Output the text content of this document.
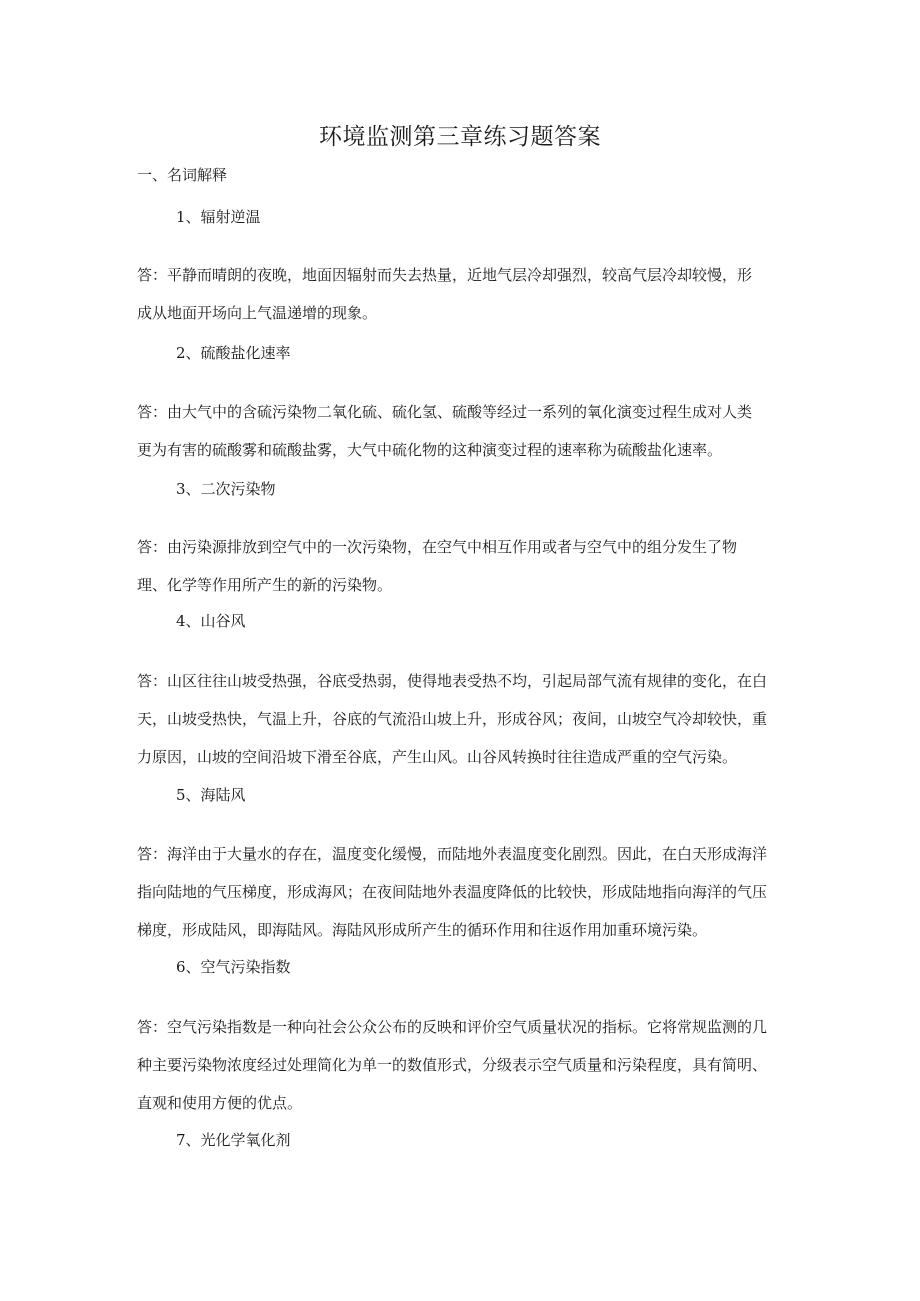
环境监测第三章练习题答案
一、名词解释

1、辐射逆温

答：平静而晴朗的夜晚，地面因辐射而失去热量，近地气层冷却强烈，较高气层冷却较慢，形
成从地面开场向上气温递增的现象。

2、硫酸盐化速率

答：由大气中的含硫污染物二氧化硫、硫化氢、硫酸等经过一系列的氧化演变过程生成对人类
更为有害的硫酸雾和硫酸盐雾，大气中硫化物的这种演变过程的速率称为硫酸盐化速率。

3、二次污染物

答：由污染源排放到空气中的一次污染物，在空气中相互作用或者与空气中的组分发生了物
理、化学等作用所产生的新的污染物。

4、山谷风

答：山区往往山坡受热强，谷底受热弱，使得地表受热不均，引起局部气流有规律的变化，在白
天，山坡受热快，气温上升，谷底的气流沿山坡上升，形成谷风；夜间，山坡空气冷却较快，重
力原因，山坡的空间沿坡下滑至谷底，产生山风。山谷风转换时往往造成严重的空气污染。

5、海陆风

答：海洋由于大量水的存在，温度变化缓慢，而陆地外表温度变化剧烈。因此，在白天形成海洋
指向陆地的气压梯度，形成海风；在夜间陆地外表温度降低的比较快，形成陆地指向海洋的气压
梯度，形成陆风，即海陆风。海陆风形成所产生的循环作用和往返作用加重环境污染。

6、空气污染指数

答：空气污染指数是一种向社会公众公布的反映和评价空气质量状况的指标。它将常规监测的几
种主要污染物浓度经过处理简化为单一的数值形式，分级表示空气质量和污染程度，具有简明、
直观和使用方便的优点。

7、光化学氧化剂
